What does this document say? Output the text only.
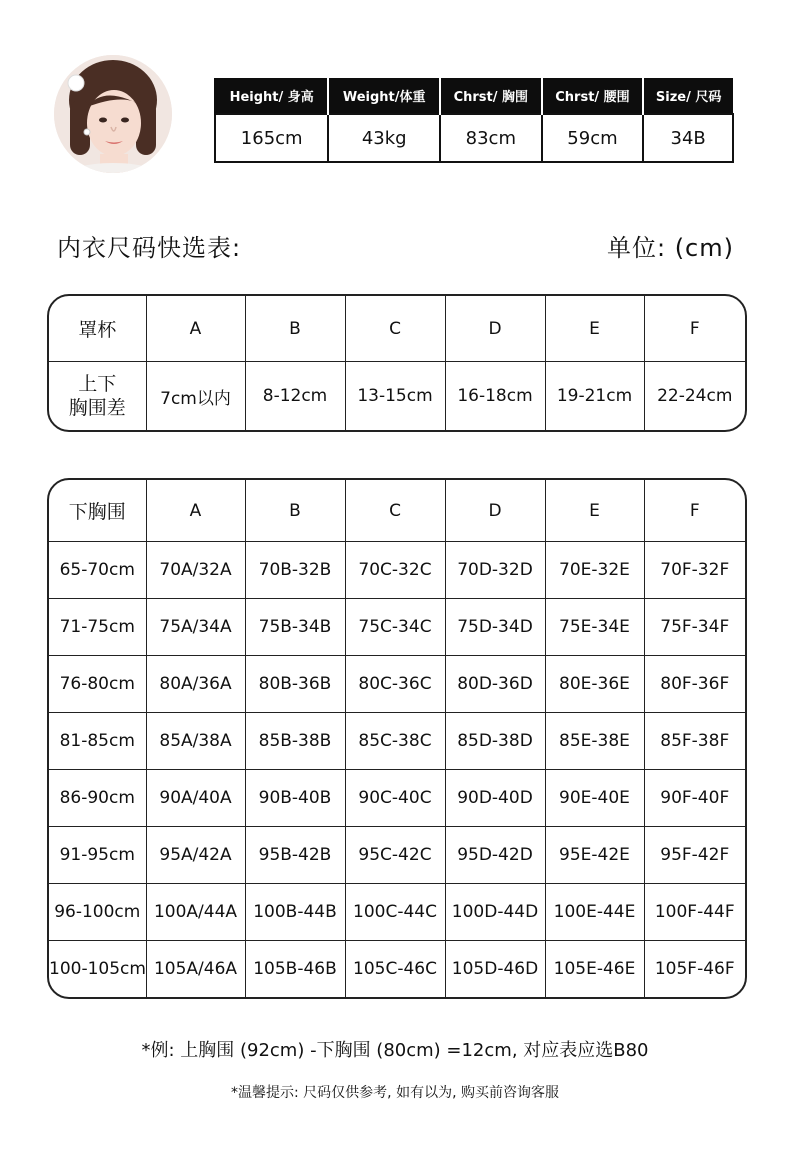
Height/ 身高	Weight/体重	Chrst/ 胸围	Chrst/ 腰围	Size/ 尺码
165cm	43kg	83cm	59cm	34B
内衣尺码快选表:	单位: (cm)
罩杯	A	B	C	D	E	F

上下
胸围差	7cm以内	8-12cm	13-15cm	16-18cm	19-21cm	22-24cm
下胸围	A	B	C	D	E	F
65-70cm	70A/32A	70B-32B	70C-32C	70D-32D	70E-32E	70F-32F
71-75cm	75A/34A	75B-34B	75C-34C	75D-34D	75E-34E	75F-34F
76-80cm	80A/36A	80B-36B	80C-36C	80D-36D	80E-36E	80F-36F
81-85cm	85A/38A	85B-38B	85C-38C	85D-38D	85E-38E	85F-38F
86-90cm	90A/40A	90B-40B	90C-40C	90D-40D	90E-40E	90F-40F
91-95cm	95A/42A	95B-42B	95C-42C	95D-42D	95E-42E	95F-42F
96-100cm	100A/44A	100B-44B	100C-44C	100D-44D	100E-44E	100F-44F
100-105cm	105A/46A	105B-46B	105C-46C	105D-46D	105E-46E	105F-46F
*例: 上胸围 (92cm) -下胸围 (80cm) =12cm, 对应表应选B80
*温馨提示: 尺码仅供参考, 如有以为, 购买前咨询客服
